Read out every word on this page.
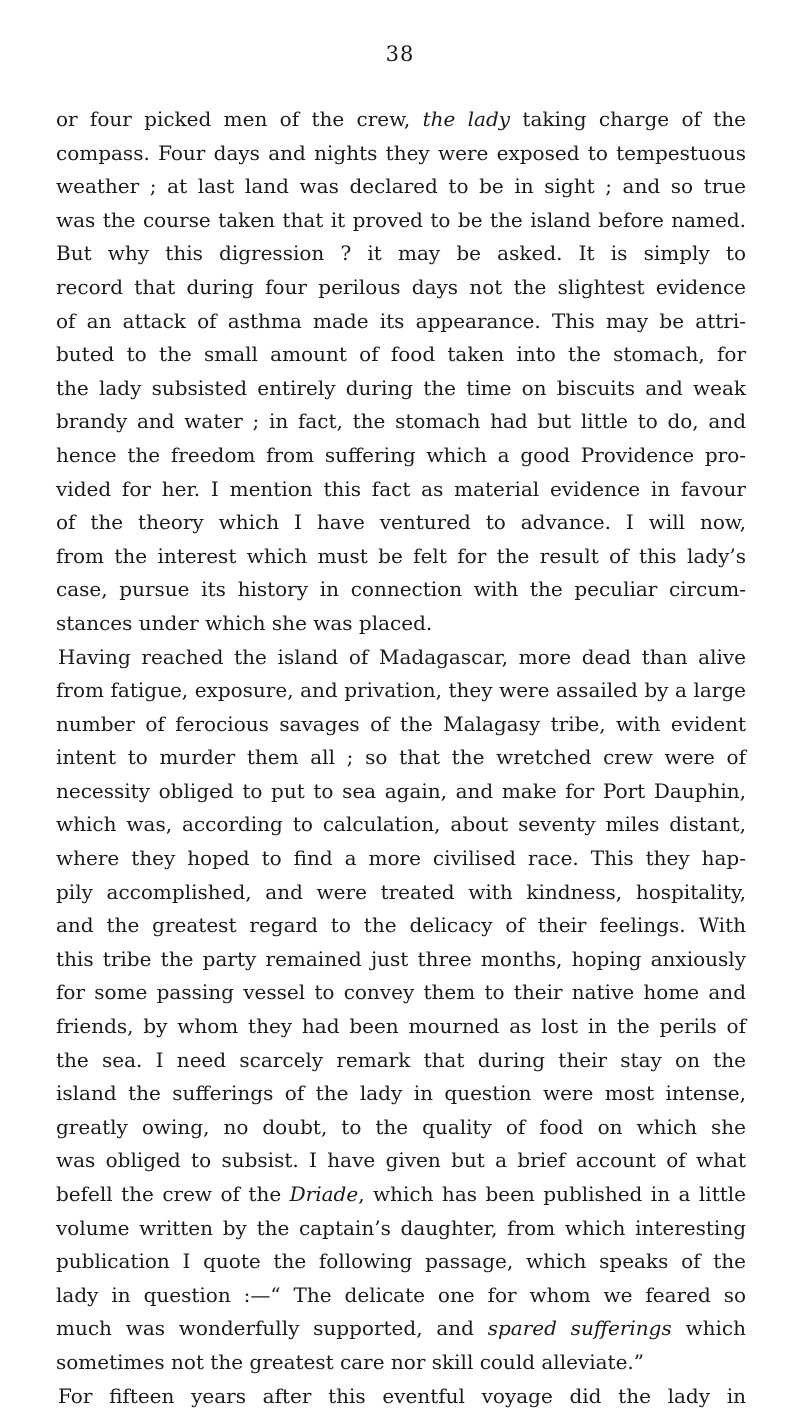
38
or four picked men of the crew, the lady taking charge of the
compass. Four days and nights they were exposed to tempestuous
weather ; at last land was declared to be in sight ; and so true
was the course taken that it proved to be the island before named.
But why this digression ? it may be asked. It is simply to
record that during four perilous days not the slightest evidence
of an attack of asthma made its appearance. This may be attri-
buted to the small amount of food taken into the stomach, for
the lady subsisted entirely during the time on biscuits and weak
brandy and water ; in fact, the stomach had but little to do, and
hence the freedom from suffering which a good Providence pro-
vided for her. I mention this fact as material evidence in favour
of the theory which I have ventured to advance. I will now,
from the interest which must be felt for the result of this lady’s
case, pursue its history in connection with the peculiar circum-
stances under which she was placed.
Having reached the island of Madagascar, more dead than alive
from fatigue, exposure, and privation, they were assailed by a large
number of ferocious savages of the Malagasy tribe, with evident
intent to murder them all ; so that the wretched crew were of
necessity obliged to put to sea again, and make for Port Dauphin,
which was, according to calculation, about seventy miles distant,
where they hoped to find a more civilised race. This they hap-
pily accomplished, and were treated with kindness, hospitality,
and the greatest regard to the delicacy of their feelings. With
this tribe the party remained just three months, hoping anxiously
for some passing vessel to convey them to their native home and
friends, by whom they had been mourned as lost in the perils of
the sea. I need scarcely remark that during their stay on the
island the sufferings of the lady in question were most intense,
greatly owing, no doubt, to the quality of food on which she
was obliged to subsist. I have given but a brief account of what
befell the crew of the Driade, which has been published in a little
volume written by the captain’s daughter, from which interesting
publication I quote the following passage, which speaks of the
lady in question :—“ The delicate one for whom we feared so
much was wonderfully supported, and spared sufferings which
sometimes not the greatest care nor skill could alleviate.”
For fifteen years after this eventful voyage did the lady in
